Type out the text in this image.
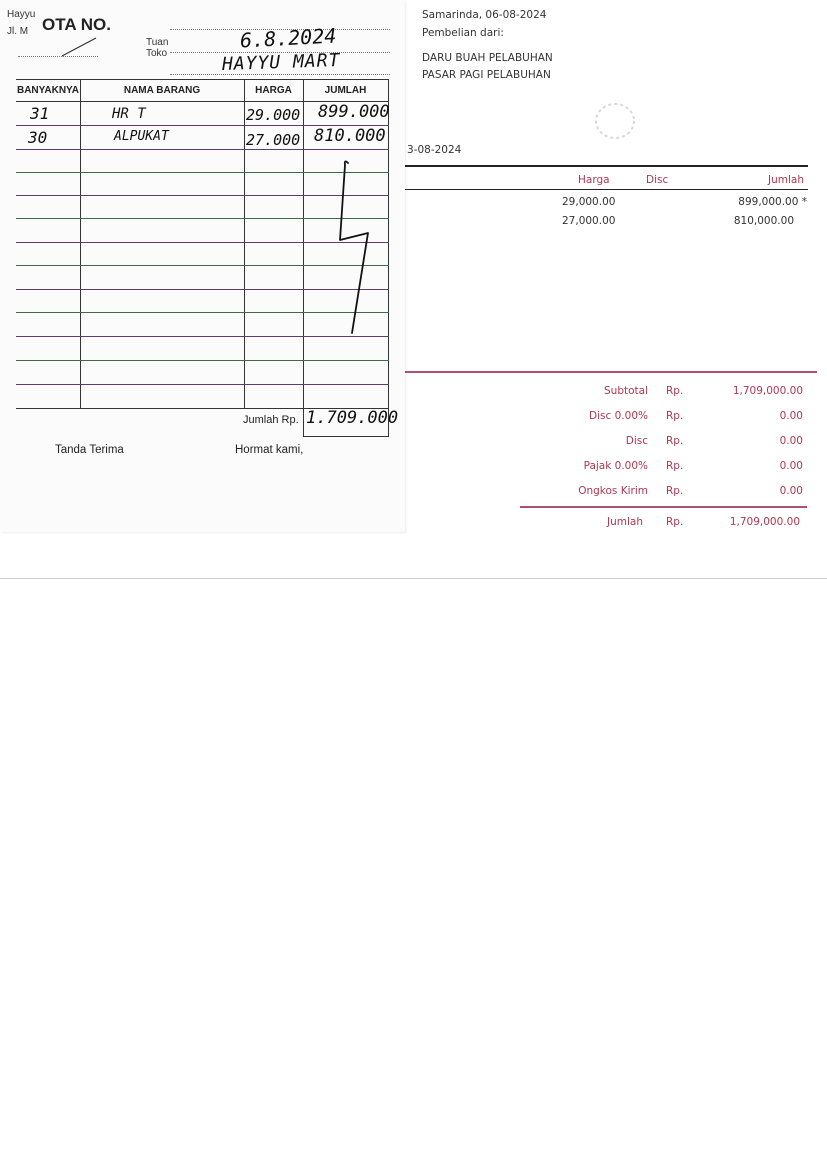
Samarinda, 06-08-2024
Pembelian dari:
DARU BUAH PELABUHAN
PASAR PAGI PELABUHAN
3-08-2024
Harga	Disc	Jumlah
29,000.00	899,000.00 *
27,000.00	810,000.00
Subtotal Rp.	1,709,000.00
Disc 0.00% Rp.	0.00
Disc Rp.	0.00
Pajak 0.00% Rp.	0.00
Ongkos Kirim Rp.	0.00
Jumlah Rp.	1,709,000.00
Hayyu
Jl. M OTA NO.
Tuan
Toko
6.8.2024
HAYYU MART
BANYAKNYA	NAMA BARANG	HARGA	JUMLAH
31	HR T	29.000 899.000
30	ALPUKAT	27.000 810.000
Jumlah Rp. 1.709.000
Tanda Terima	Hormat kami,
